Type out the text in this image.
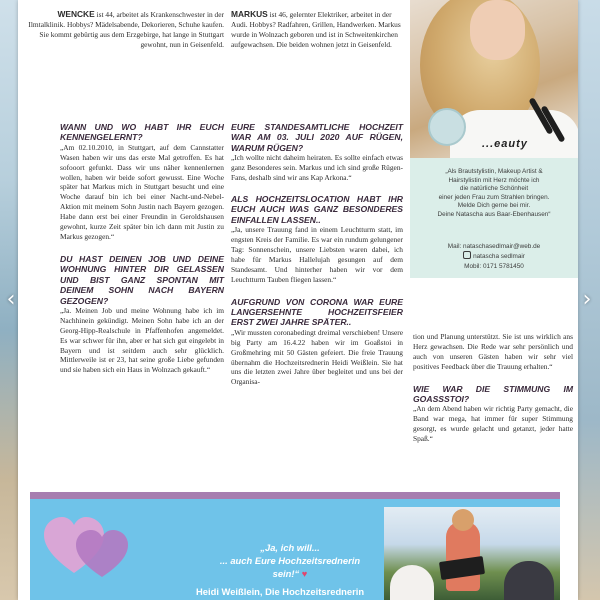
WENCKE ist 44, arbeitet als Krankenschwester in der Ilmtalklinik. Hobbys? Mädelsabende, Dekorieren, Schuhe kaufen. Sie kommt gebürtig aus dem Erzgebirge, hat lange in Stuttgart gewohnt, nun in Geisenfeld.

MARKUS ist 46, gelernter Elektriker, arbeitet in der Audi. Hobbys? Radfahren, Grillen, Handwerken. Markus wurde in Wolnzach geboren und ist in Schweitenkirchen aufgewachsen. Die beiden wohnen jetzt in Geisenfeld.

WANN UND WO HABT IHR EUCH KENNENGELERNT?

„Am 02.10.2010, in Stuttgart, auf dem Cannstatter Wasen haben wir uns das erste Mal getroffen. Es hat sofooort gefunkt. Dass wir uns näher kennenlernen wollen, haben wir beide sofort gewusst. Eine Woche später hat Markus mich in Stuttgart besucht und eine Woche darauf bin ich bei einer Nacht-und-Nebel-Aktion mit meinem Sohn Justin nach Bayern gezogen. Habe dann erst bei einer Freundin in Geroldshausen gewohnt, kurze Zeit später bin ich dann mit Justin zu Markus gezogen.“

DU HAST DEINEN JOB UND DEINE WOHNUNG HINTER DIR GELASSEN UND BIST GANZ SPONTAN MIT DEINEM SOHN NACH BAYERN GEZOGEN?

„Ja. Meinen Job und meine Wohnung habe ich im Nachhinein gekündigt. Meinen Sohn habe ich an der Georg-Hipp-Realschule in Pfaffenhofen angemeldet. Es war schwer für ihn, aber er hat sich gut eingelebt in Bayern und ist seitdem auch sehr glücklich. Mittlerweile ist er 23, hat seine große Liebe gefunden und sie haben sich ein Haus in Wolnzach gekauft.“

EURE STANDESAMTLICHE HOCHZEIT WAR AM 03. JULI 2020 AUF RÜGEN, WARUM RÜGEN?

„Ich wollte nicht daheim heiraten. Es sollte einfach etwas ganz Besonderes sein. Markus und ich sind große Rügen-Fans, deshalb sind wir ans Kap Arkona.“

ALS HOCHZEITSLOCATION HABT IHR EUCH AUCH WAS GANZ BESONDERES EINFALLEN LASSEN..

„Ja, unsere Trauung fand in einem Leuchtturm statt, im engsten Kreis der Familie. Es war ein rundum gelungener Tag: Sonnenschein, unsere Liebsten waren dabei, ich habe für Markus Hallelujah gesungen auf dem Standesamt. Und hinterher haben wir vor dem Leuchtturm Tauben fliegen lassen.“

AUFGRUND VON CORONA WAR EURE LANGERSEHNTE HOCHZEITSFEIER ERST ZWEI JAHRE SPÄTER..

„Wir mussten coronabedingt dreimal verschieben! Unsere big Party am 16.4.22 haben wir im Goaßstoi in Großmehring mit 50 Gästen gefeiert. Die freie Trauung übernahm die Hochzeitsrednerin Heidi Weißlein. Sie hat uns die letzten zwei Jahre über begleitet und uns bei der Organisa-

tion und Planung unterstützt. Sie ist uns wirklich ans Herz gewachsen. Die Rede war sehr persönlich und auch von unseren Gästen haben wir sehr viel positives Feedback über die Trauung erhalten.“

WIE WAR DIE STIMMUNG IM GOASSSTOI?

„An dem Abend haben wir richtig Party gemacht, die Band war mega, hat immer für super Stimmung gesorgt, es wurde gelacht und getanzt, jeder hatte Spaß.“

...eauty

„Als Brautstylistin, Makeup Artist &

Hairstylistin mit Herz möchte ich

die natürliche Schönheit

einer jeden Frau zum Strahlen bringen.

Melde Dich gerne bei mir.

Deine Natascha aus Baar-Ebenhausen“

Mail: nataschasedlmair@web.de

natascha sedlmair

Mobil: 0171 5781450

„Ja, ich will...

... auch Eure Hochzeitsrednerin sein!“ ♥

Heidi Weißlein, Die Hochzeitsrednerin
‹	›
